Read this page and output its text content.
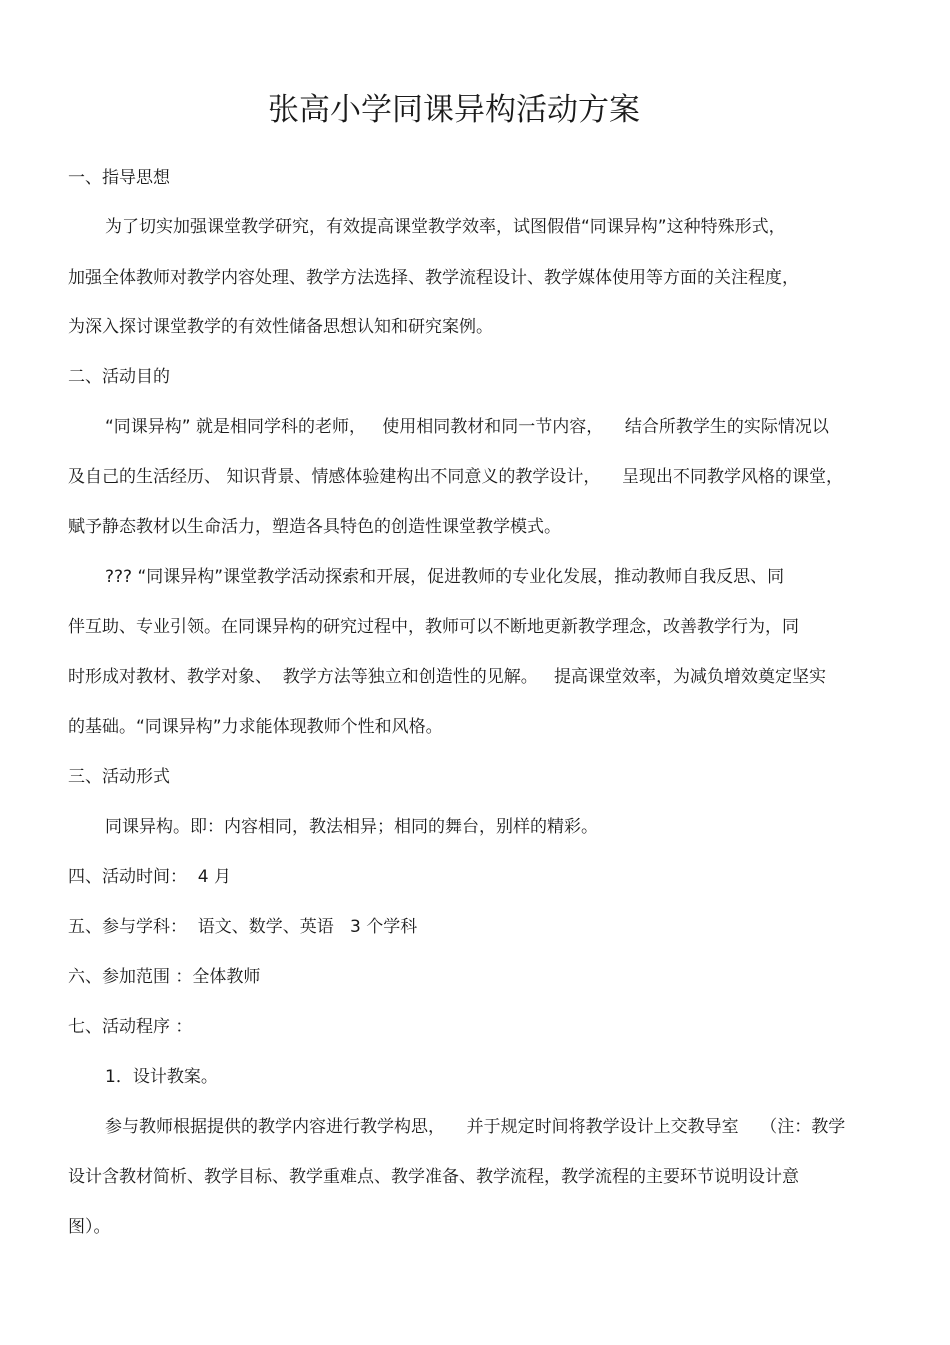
张高小学同课异构活动方案
一、指导思想
为了切实加强课堂教学研究，有效提高课堂教学效率，试图假借“同课异构”这种特殊形式，
加强全体教师对教学内容处理、教学方法选择、教学流程设计、教学媒体使用等方面的关注程度，
为深入探讨课堂教学的有效性储备思想认知和研究案例。
二、活动目的
“同课异构” 就是相同学科的老师，   使用相同教材和同一节内容，    结合所教学生的实际情况以
及自己的生活经历、 知识背景、情感体验建构出不同意义的教学设计，    呈现出不同教学风格的课堂，
赋予静态教材以生命活力，塑造各具特色的创造性课堂教学模式。
??? “同课异构”课堂教学活动探索和开展，促进教师的专业化发展，推动教师自我反思、同
伴互助、专业引领。在同课异构的研究过程中，教师可以不断地更新教学理念，改善教学行为，同
时形成对教材、教学对象、  教学方法等独立和创造性的见解。   提高课堂效率，为减负增效奠定坚实
的基础。“同课异构”力求能体现教师个性和风格。
三、活动形式
同课异构。即：内容相同，教法相异；相同的舞台，别样的精彩。
四、活动时间：  4 月
五、参与学科：  语文、数学、英语   3 个学科
六、参加范围 ：全体教师
七、活动程序 ：
1．设计教案。
参与教师根据提供的教学内容进行教学构思，    并于规定时间将教学设计上交教导室    （注：教学
设计含教材简析、教学目标、教学重难点、教学准备、教学流程，教学流程的主要环节说明设计意
图）。
